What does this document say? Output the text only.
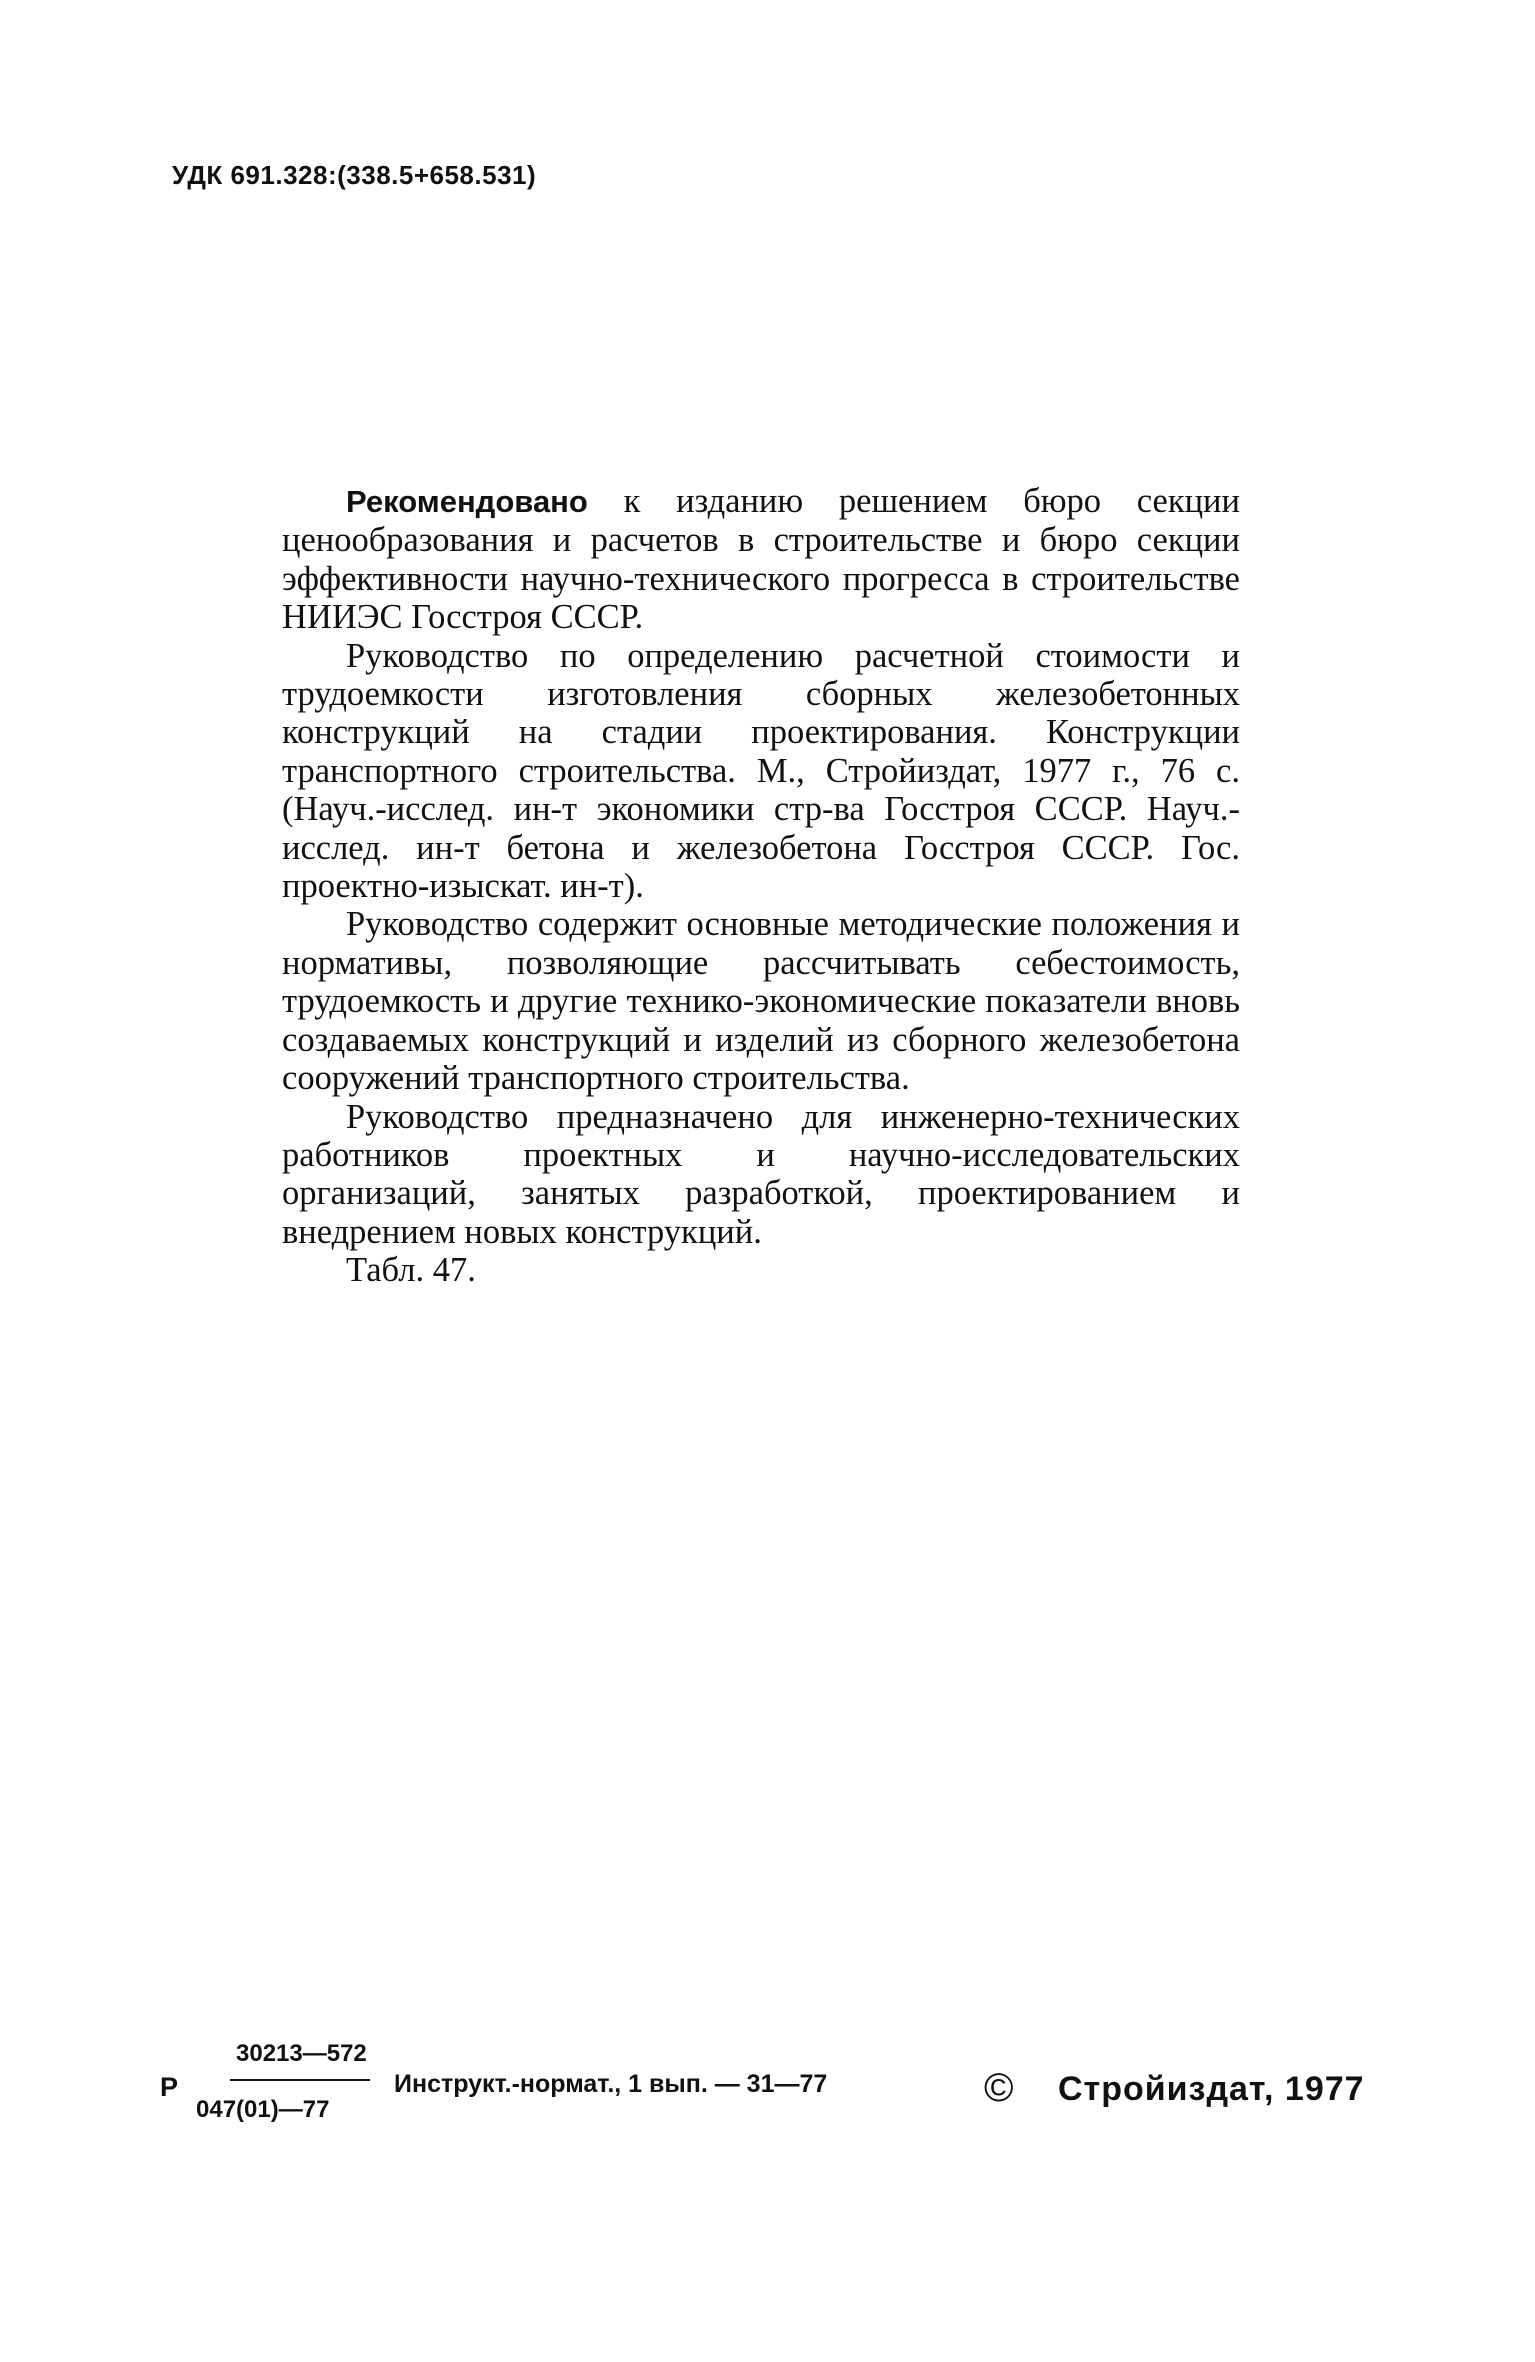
УДК 691.328:(338.5+658.531)

Рекомендовано к изданию решением бюро секции ценообразования и расчетов в строительстве и бюро секции эффективности научно-технического прогресса в строительстве НИИЭС Госстроя СССР.

Руководство по определению расчетной стоимости и трудоемкости изготовления сборных железобетонных конструкций на стадии проектирования. Конструкции транспортного строительства. М., Стройиздат, 1977 г., 76 с. (Науч.-исслед. ин-т экономики стр-ва Госстроя СССР. Науч.-исслед. ин-т бетона и железобетона Госстроя СССР. Гос. проектно-изыскат. ин-т).

Руководство содержит основные методические положения и нормативы, позволяющие рассчитывать себестоимость, трудоемкость и другие технико-экономические показатели вновь создаваемых конструкций и изделий из сборного железобетона сооружений транспортного строительства.

Руководство предназначено для инженерно-технических работников проектных и научно-исследовательских организаций, занятых разработкой, проектированием и внедрением новых конструкций.

Табл. 47.

Р
30213—572
047(01)—77
Инструкт.-нормат., 1 вып. — 31—77	© Стройиздат, 1977
